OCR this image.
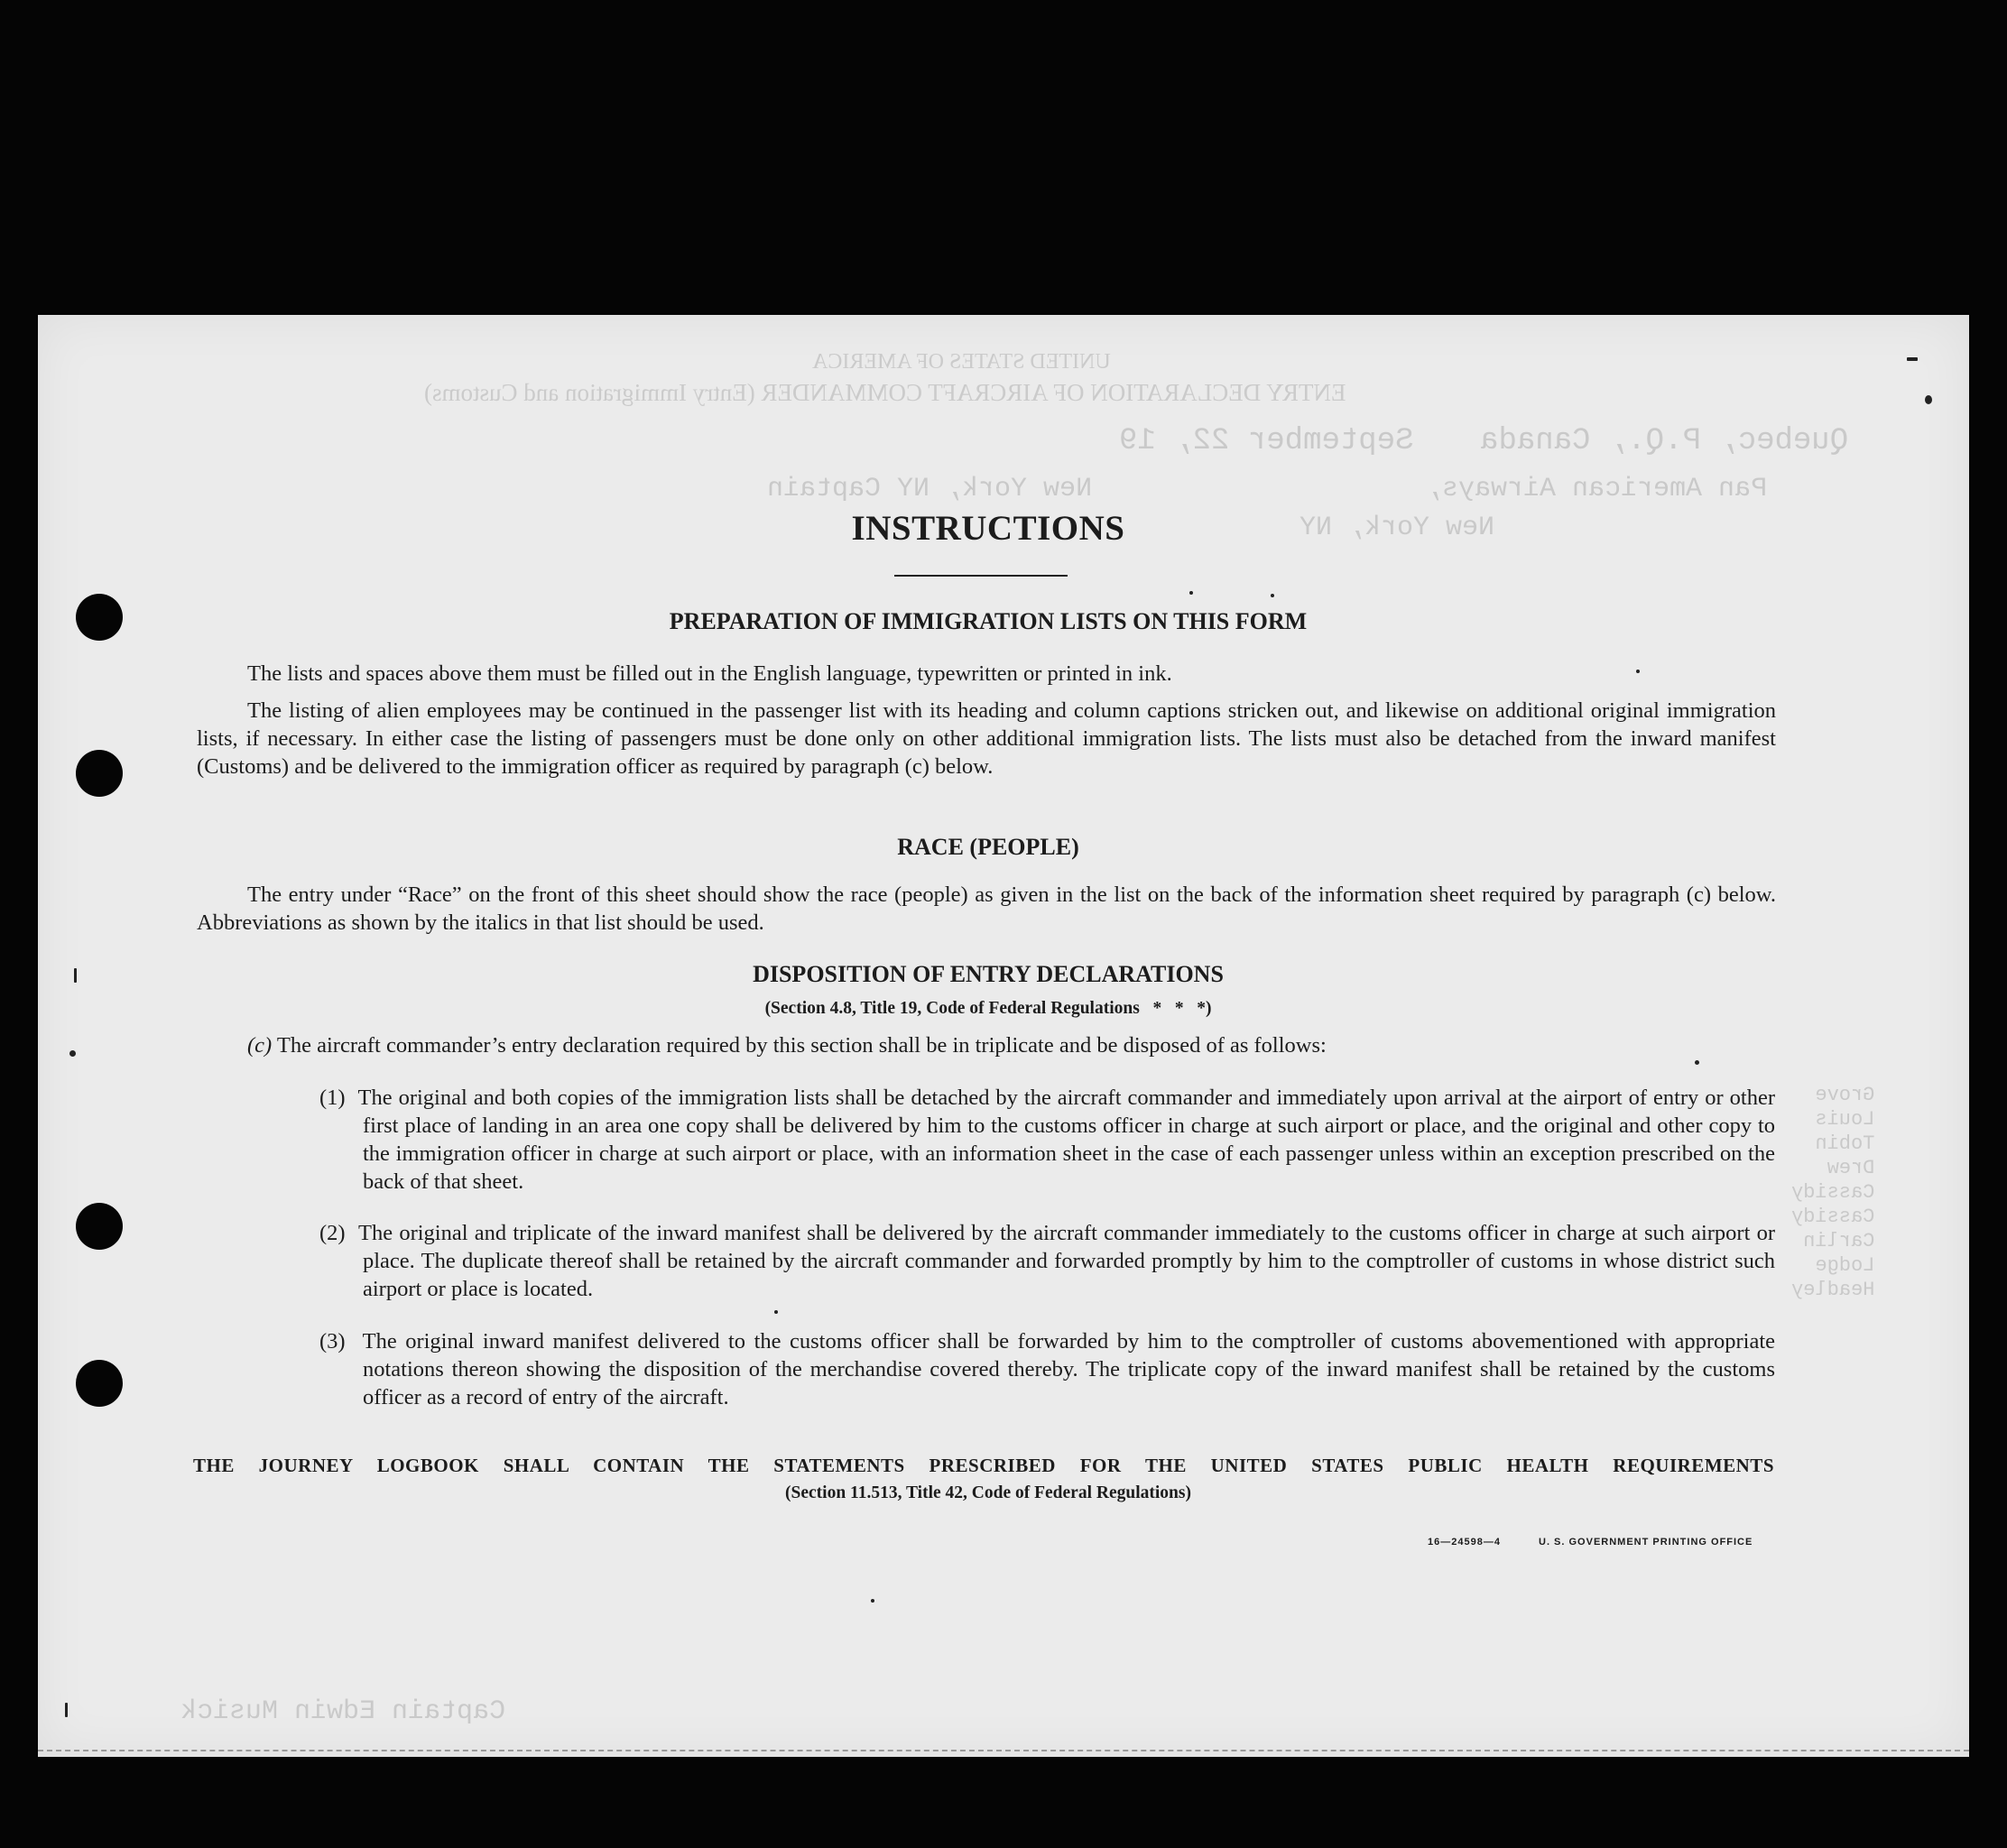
UNITED STATES OF AMERICA
ENTRY DECLARATION OF AIRCRAFT COMMANDER (Entry Immigration and Customs)
Quebec, P.Q., Canada
September 22, 19
Pan American Airways,
New York, NY Captain
New York, NY
Grove
Louis
Tobin
Drew
Cassidy
Cassidy
Carlin
Lodge
Headley
Captain Edwin Musick
INSTRUCTIONS
PREPARATION OF IMMIGRATION LISTS ON THIS FORM
The lists and spaces above them must be filled out in the English language, typewritten or printed in ink.
The listing of alien employees may be continued in the passenger list with its heading and column captions stricken out, and likewise on additional original immigration lists, if necessary. In either case the listing of passengers must be done only on other additional immigration lists. The lists must also be detached from the inward manifest (Customs) and be delivered to the immigration officer as required by paragraph (c) below.
RACE (PEOPLE)
The entry under “Race” on the front of this sheet should show the race (people) as given in the list on the back of the information sheet required by paragraph (c) below. Abbreviations as shown by the italics in that list should be used.
DISPOSITION OF ENTRY DECLARATIONS
(Section 4.8, Title 19, Code of Federal Regulations   *   *   *)
(c) The aircraft commander’s entry declaration required by this section shall be in triplicate and be disposed of as follows:
(1) The original and both copies of the immigration lists shall be detached by the aircraft commander and immediately upon arrival at the airport of entry or other first place of landing in an area one copy shall be delivered by him to the customs officer in charge at such airport or place, and the original and other copy to the immigration officer in charge at such airport or place, with an information sheet in the case of each passenger unless within an exception prescribed on the back of that sheet.
(2) The original and triplicate of the inward manifest shall be delivered by the aircraft commander immediately to the customs officer in charge at such airport or place. The duplicate thereof shall be retained by the aircraft commander and forwarded promptly by him to the comptroller of customs in whose district such airport or place is located.
(3) The original inward manifest delivered to the customs officer shall be forwarded by him to the comptroller of customs abovementioned with appropriate notations thereon showing the disposition of the merchandise covered thereby. The triplicate copy of the inward manifest shall be retained by the customs officer as a record of entry of the aircraft.
THE JOURNEY LOGBOOK SHALL CONTAIN THE STATEMENTS PRESCRIBED FOR THE UNITED STATES PUBLIC HEALTH REQUIREMENTS
(Section 11.513, Title 42, Code of Federal Regulations)
16—24598—4	U. S. GOVERNMENT PRINTING OFFICE
